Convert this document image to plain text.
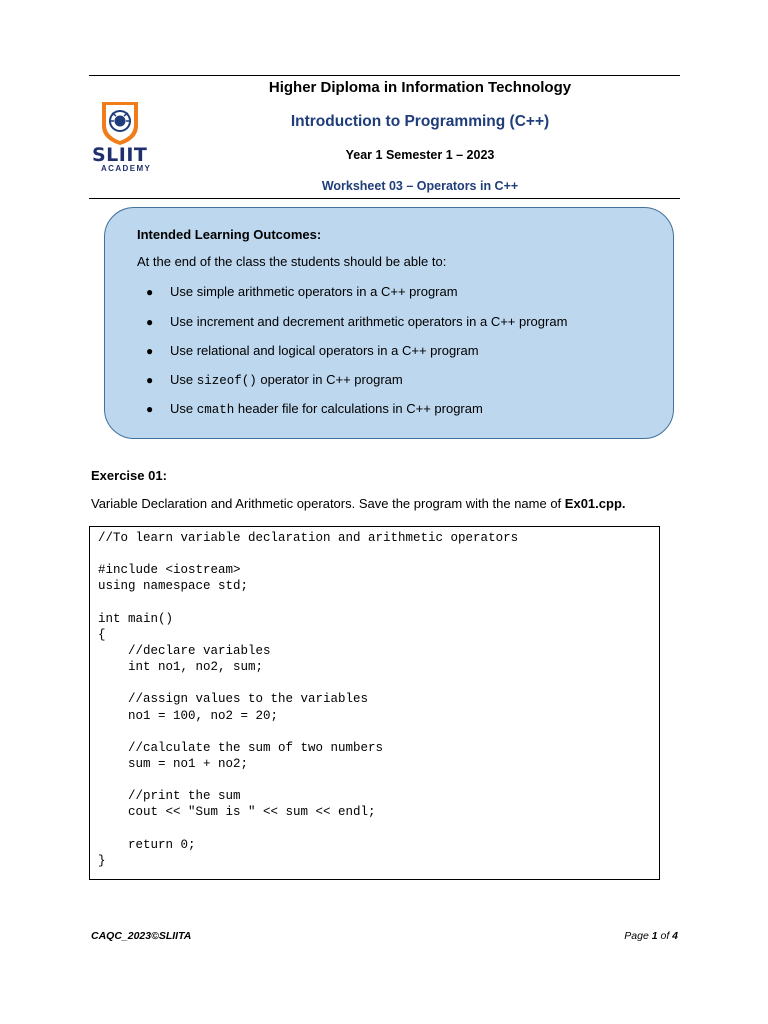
Higher Diploma in Information Technology
Introduction to Programming (C++)
Year 1 Semester 1 – 2023
Worksheet 03 – Operators in C++
SLIIT
ACADEMY
Intended Learning Outcomes:
At the end of the class the students should be able to:
● Use simple arithmetic operators in a C++ program
● Use increment and decrement arithmetic operators in a C++ program
● Use relational and logical operators in a C++ program
● Use sizeof() operator in C++ program
● Use cmath header file for calculations in C++ program
Exercise 01:
Variable Declaration and Arithmetic operators. Save the program with the name of Ex01.cpp.
//To learn variable declaration and arithmetic operators
#include <iostream>
using namespace std;
int main()
{
	//declare variables
	int no1, no2, sum;
	//assign values to the variables
	no1 = 100, no2 = 20;
	//calculate the sum of two numbers
	sum = no1 + no2;
	//print the sum
	cout << "Sum is " << sum << endl;
	return 0;
}
CAQC_2023©SLIITA	Page 1 of 4
